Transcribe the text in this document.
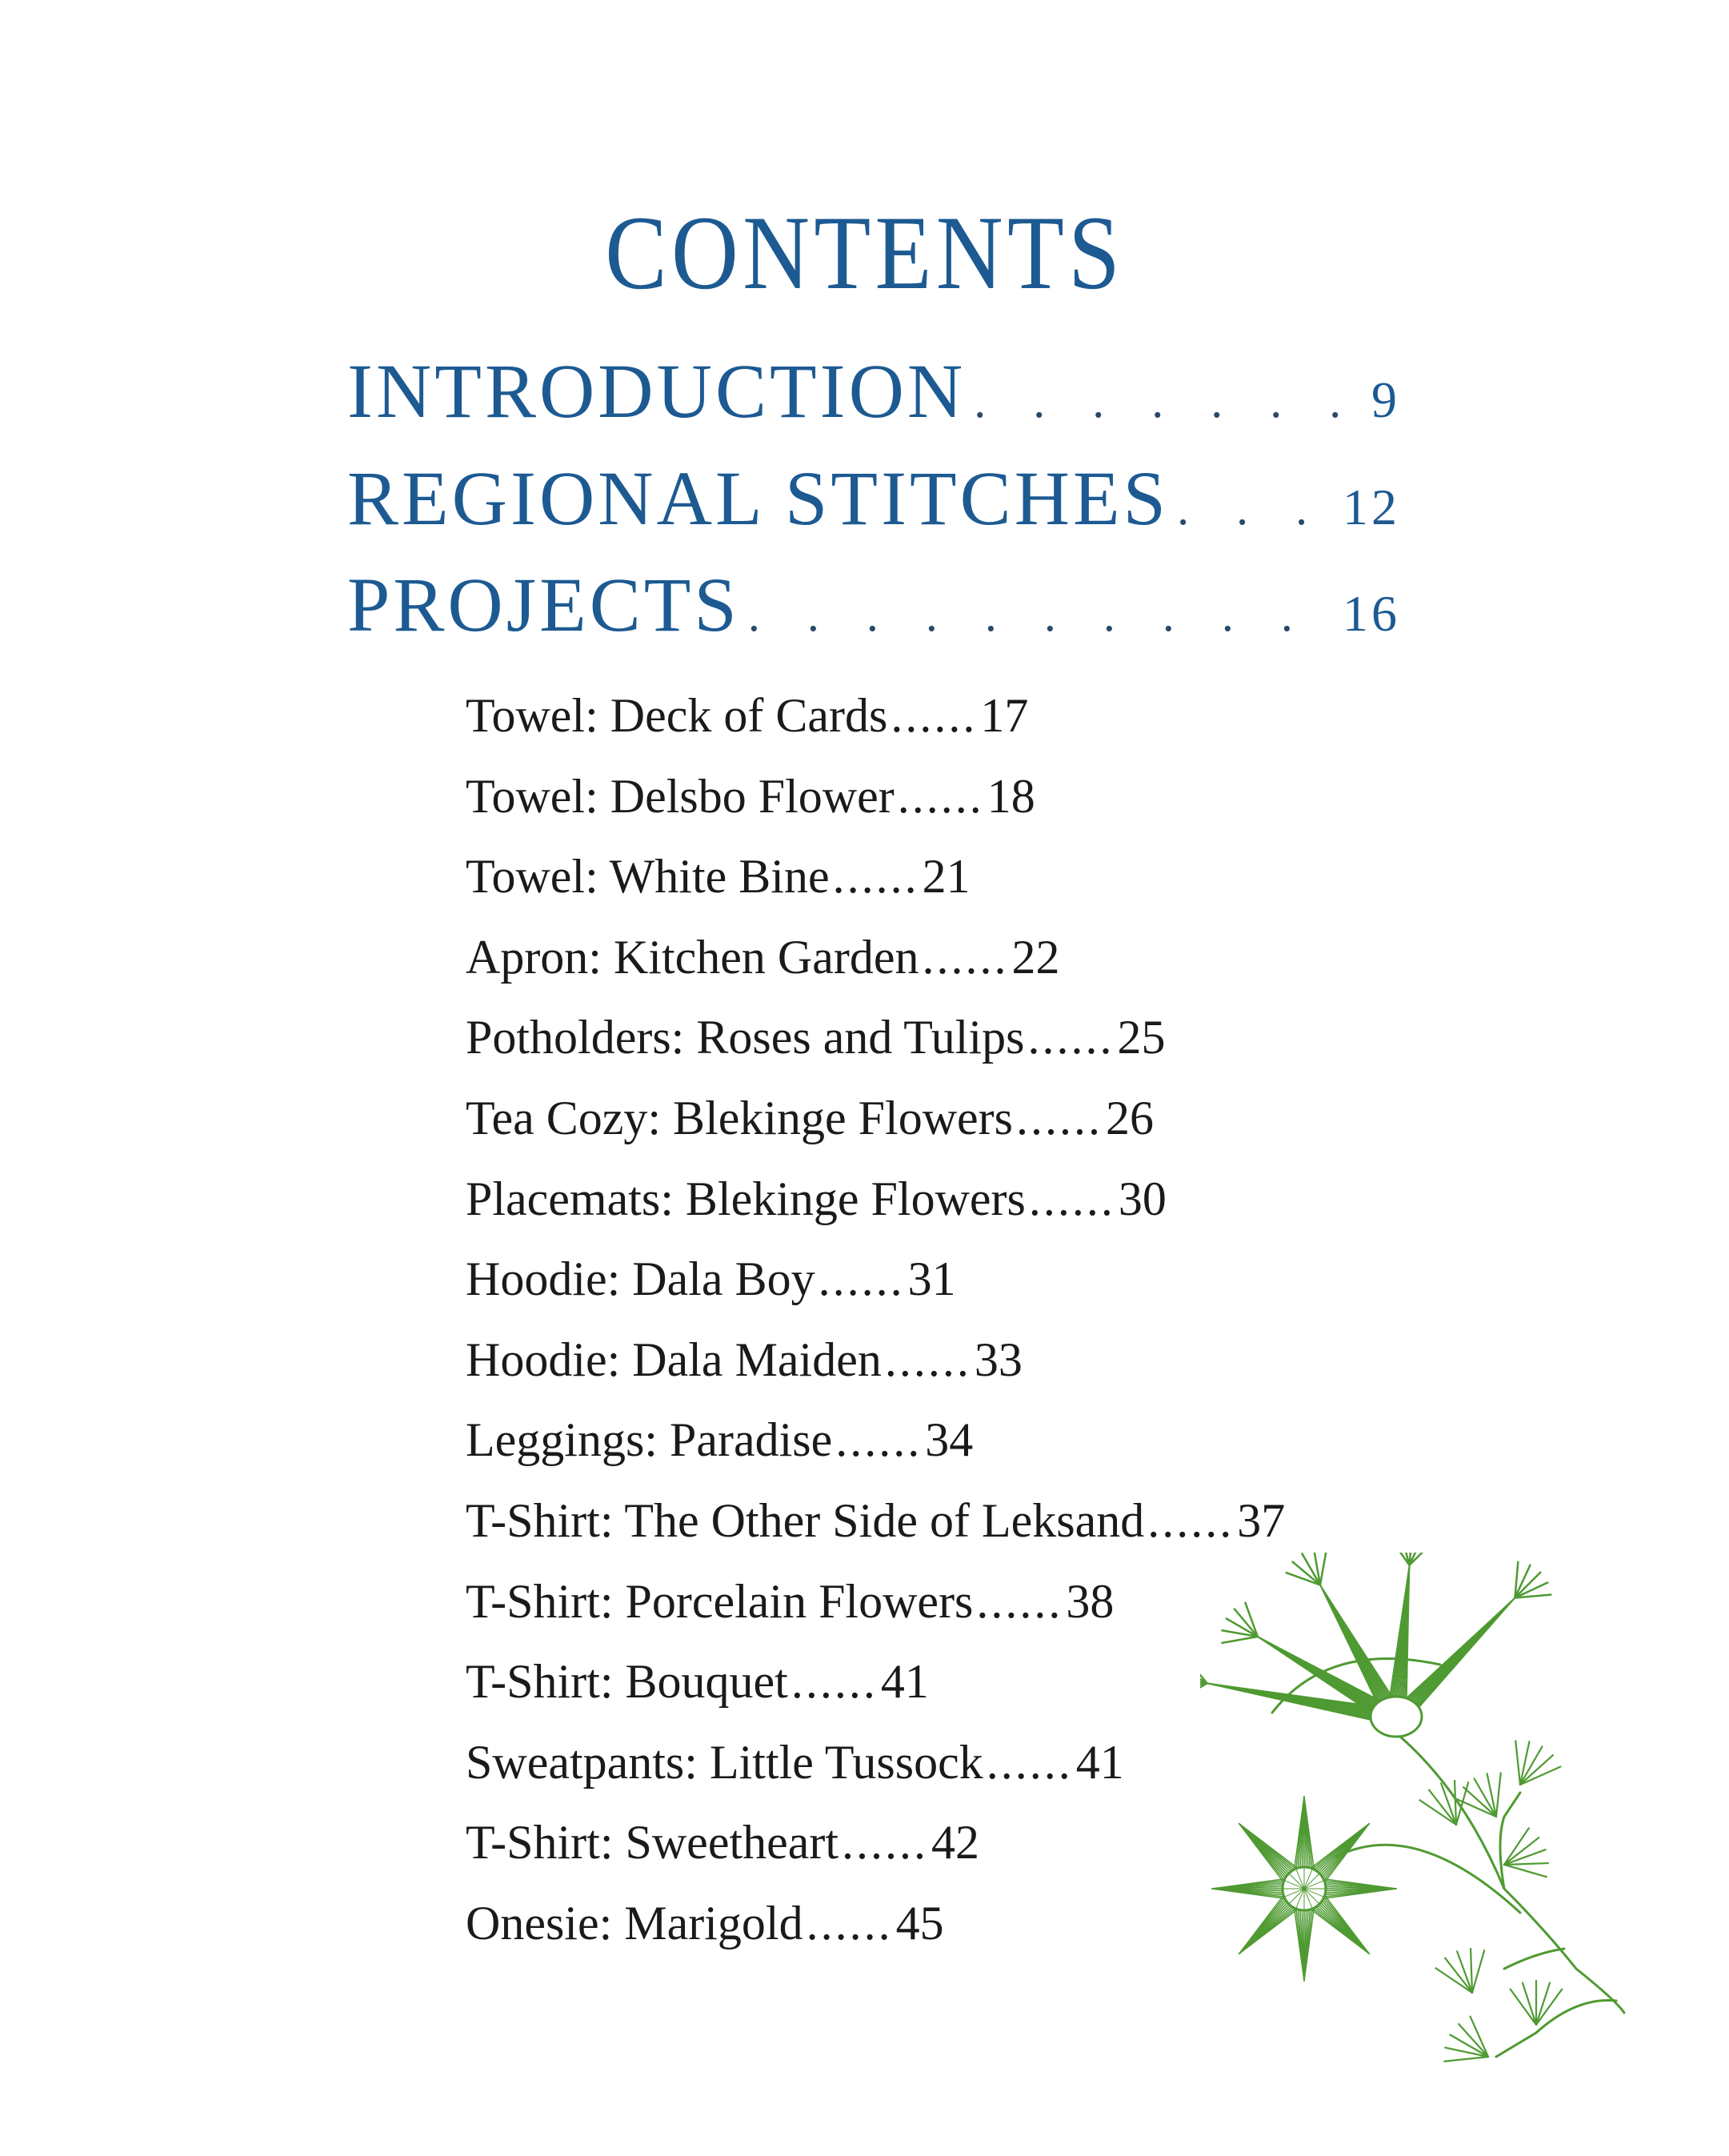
CONTENTS
INTRODUCTION . . .	9
REGIONAL STITCHES . . .	12
PROJECTS . . .	16
Towel: Deck of Cards......17
Towel: Delsbo Flower......18
Towel: White Bine......21
Apron: Kitchen Garden......22
Potholders: Roses and Tulips......25
Tea Cozy: Blekinge Flowers......26
Placemats: Blekinge Flowers......30
Hoodie: Dala Boy......31
Hoodie: Dala Maiden......33
Leggings: Paradise......34
T-Shirt: The Other Side of Leksand......37
T-Shirt: Porcelain Flowers......38
T-Shirt: Bouquet......41
Sweatpants: Little Tussock......41
T-Shirt: Sweetheart......42
Onesie: Marigold......45
